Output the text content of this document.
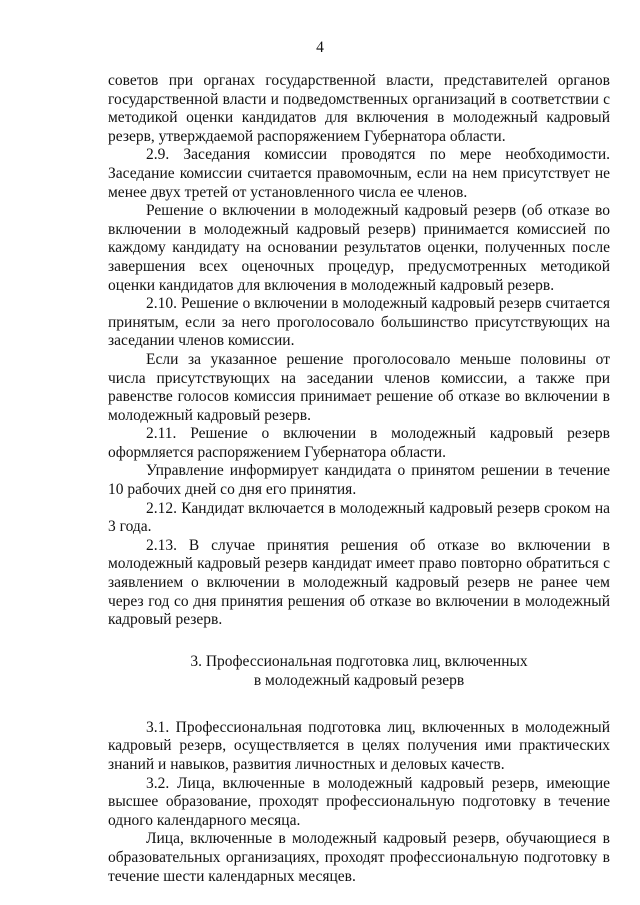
4

советов при органах государственной власти, представителей органов государственной власти и подведомственных организаций в соответствии с методикой оценки кандидатов для включения в молодежный кадровый резерв, утверждаемой распоряжением Губернатора области.

2.9. Заседания комиссии проводятся по мере необходимости. Заседание комиссии считается правомочным, если на нем присутствует не менее двух третей от установленного числа ее членов.

Решение о включении в молодежный кадровый резерв (об отказе во включении в молодежный кадровый резерв) принимается комиссией по каждому кандидату на основании результатов оценки, полученных после завершения всех оценочных процедур, предусмотренных методикой оценки кандидатов для включения в молодежный кадровый резерв.

2.10. Решение о включении в молодежный кадровый резерв считается принятым, если за него проголосовало большинство присутствующих на заседании членов комиссии.

Если за указанное решение проголосовало меньше половины от числа присутствующих на заседании членов комиссии, а также при равенстве голосов комиссия принимает решение об отказе во включении в молодежный кадровый резерв.

2.11. Решение о включении в молодежный кадровый резерв оформляется распоряжением Губернатора области.

Управление информирует кандидата о принятом решении в течение 10 рабочих дней со дня его принятия.

2.12. Кандидат включается в молодежный кадровый резерв сроком на 3 года.

2.13. В случае принятия решения об отказе во включении в молодежный кадровый резерв кандидат имеет право повторно обратиться с заявлением о включении в молодежный кадровый резерв не ранее чем через год со дня принятия решения об отказе во включении в молодежный кадровый резерв.

3. Профессиональная подготовка лиц, включенных
в молодежный кадровый резерв

3.1. Профессиональная подготовка лиц, включенных в молодежный кадровый резерв, осуществляется в целях получения ими практических знаний и навыков, развития личностных и деловых качеств.

3.2. Лица, включенные в молодежный кадровый резерв, имеющие высшее образование, проходят профессиональную подготовку в течение одного календарного месяца.

Лица, включенные в молодежный кадровый резерв, обучающиеся в образовательных организациях, проходят профессиональную подготовку в течение шести календарных месяцев.
